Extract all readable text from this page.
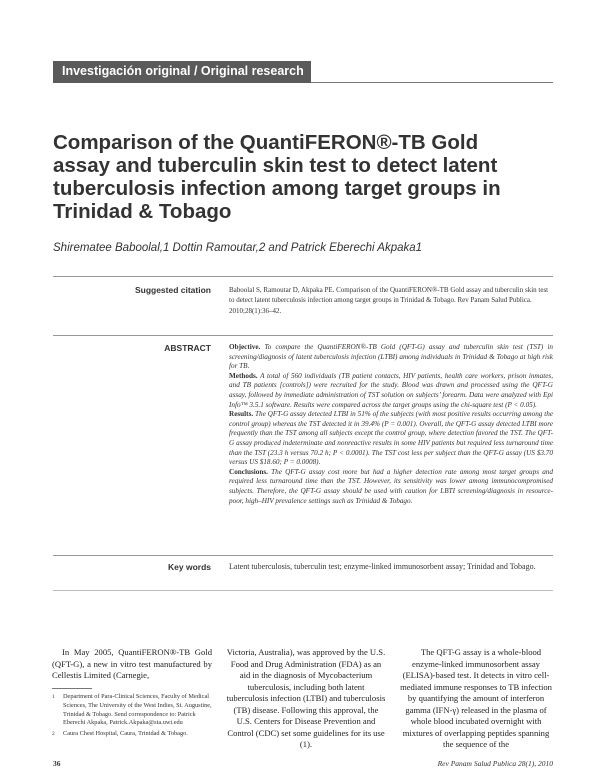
Investigación original / Original research
Comparison of the QuantiFERON®-TB Gold assay and tuberculin skin test to detect latent tuberculosis infection among target groups in Trinidad & Tobago
Shirematee Baboolal,1 Dottin Ramoutar,2 and Patrick Eberechi Akpaka1
Suggested citation	Baboolal S, Ramoutar D, Akpaka PE. Comparison of the QuantiFERON®-TB Gold assay and tuberculin skin test to detect latent tuberculosis infection among target groups in Trinidad & Tobago. Rev Panam Salud Publica. 2010;28(1):36–42.
ABSTRACT	Objective. To compare the QuantiFERON®-TB Gold (QFT-G) assay and tuberculin skin test (TST) in screening/diagnosis of latent tuberculosis infection (LTBI) among individuals in Trinidad & Tobago at high risk for TB.

Methods. A total of 560 individuals (TB patient contacts, HIV patients, health care workers, prison inmates, and TB patients [controls]) were recruited for the study. Blood was drawn and processed using the QFT-G assay, followed by immediate administration of TST solution on subjects’ forearm. Data were analyzed with Epi Info™ 3.5.1 software. Results were compared across the target groups using the chi-square test (P < 0.05).

Results. The QFT-G assay detected LTBI in 51% of the subjects (with most positive results occurring among the control group) whereas the TST detected it in 39.4% (P = 0.001). Overall, the QFT-G assay detected LTBI more frequently than the TST among all subjects except the control group, where detection favored the TST. The QFT-G assay produced indeterminate and nonreactive results in some HIV patients but required less turnaround time than the TST (23.3 h versus 70.2 h; P < 0.0001). The TST cost less per subject than the QFT-G assay (US $3.70 versus US $18.60; P = 0.0008).

Conclusions. The QFT-G assay cost more but had a higher detection rate among most target groups and required less turnaround time than the TST. However, its sensitivity was lower among immunocompromised subjects. Therefore, the QFT-G assay should be used with caution for LBTI screening/diagnosis in resource-poor, high–HIV prevalence settings such as Trinidad & Tobago.

Key words Latent tuberculosis, tuberculin test; enzyme-linked immunosorbent assay; Trinidad and Tobago.
In May 2005, QuantiFERON®-TB Gold (QFT-G), a new in vitro test manufactured by Cellestis Limited (Carnegie,
Victoria, Australia), was approved by the U.S. Food and Drug Administration (FDA) as an aid in the diagnosis of Mycobacterium tuberculosis, including both latent tuberculosis infection (LTBI) and tuberculosis (TB) disease. Following this approval, the U.S. Centers for Disease Prevention and Control (CDC) set some guidelines for its use (1).
The QFT-G assay is a whole-blood enzyme-linked immunosorbent assay (ELISA)-based test. It detects in vitro cell-mediated immune responses to TB infection by quantifying the amount of interferon gamma (IFN-γ) released in the plasma of whole blood incubated overnight with mixtures of overlapping peptides spanning the sequence of the
1 Department of Para-Clinical Sciences, Faculty of Medical Sciences, The University of the West Indies, St. Augustine, Trinidad & Tobago. Send correspondence to: Patrick Eberechi Akpaka, Patrick.Akpaka@sta.uwi.edu
2 Caura Chest Hospital, Caura, Trinidad & Tobago.
36	Rev Panam Salud Publica 28(1), 2010
